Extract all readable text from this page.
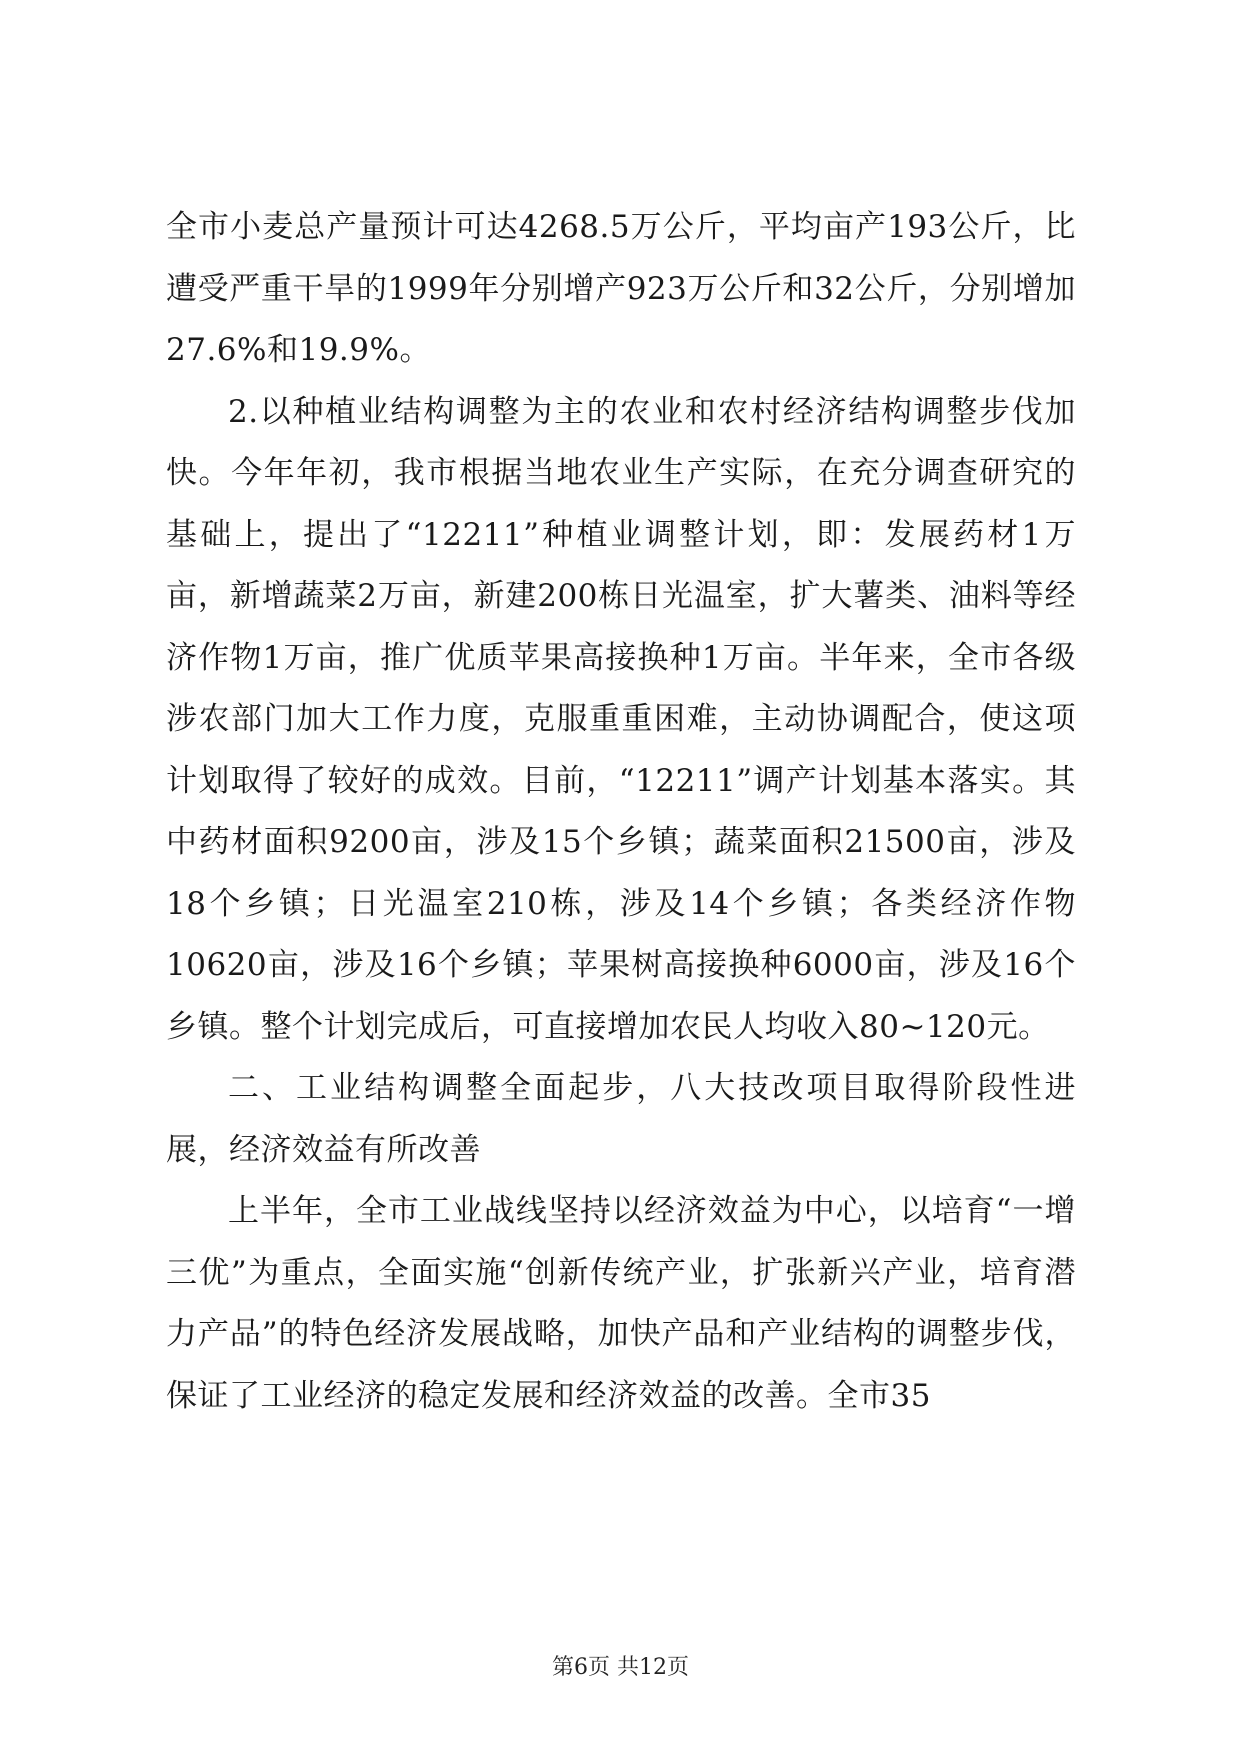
全市小麦总产量预计可达4268.5万公斤，平均亩产193公斤，比遭受严重干旱的1999年分别增产923万公斤和32公斤，分别增加27.6%和19.9%。

2.以种植业结构调整为主的农业和农村经济结构调整步伐加快。今年年初，我市根据当地农业生产实际，在充分调查研究的基础上，提出了“12211”种植业调整计划，即：发展药材1万亩，新增蔬菜2万亩，新建200栋日光温室，扩大薯类、油料等经济作物1万亩，推广优质苹果高接换种1万亩。半年来，全市各级涉农部门加大工作力度，克服重重困难，主动协调配合，使这项计划取得了较好的成效。目前，“12211”调产计划基本落实。其中药材面积9200亩，涉及15个乡镇；蔬菜面积21500亩，涉及18个乡镇；日光温室210栋，涉及14个乡镇；各类经济作物10620亩，涉及16个乡镇；苹果树高接换种6000亩，涉及16个乡镇。整个计划完成后，可直接增加农民人均收入80~120元。

二、工业结构调整全面起步，八大技改项目取得阶段性进展，经济效益有所改善

上半年，全市工业战线坚持以经济效益为中心，以培育“一增三优”为重点，全面实施“创新传统产业，扩张新兴产业，培育潜力产品”的特色经济发展战略，加快产品和产业结构的调整步伐，保证了工业经济的稳定发展和经济效益的改善。全市35

第6页 共12页
